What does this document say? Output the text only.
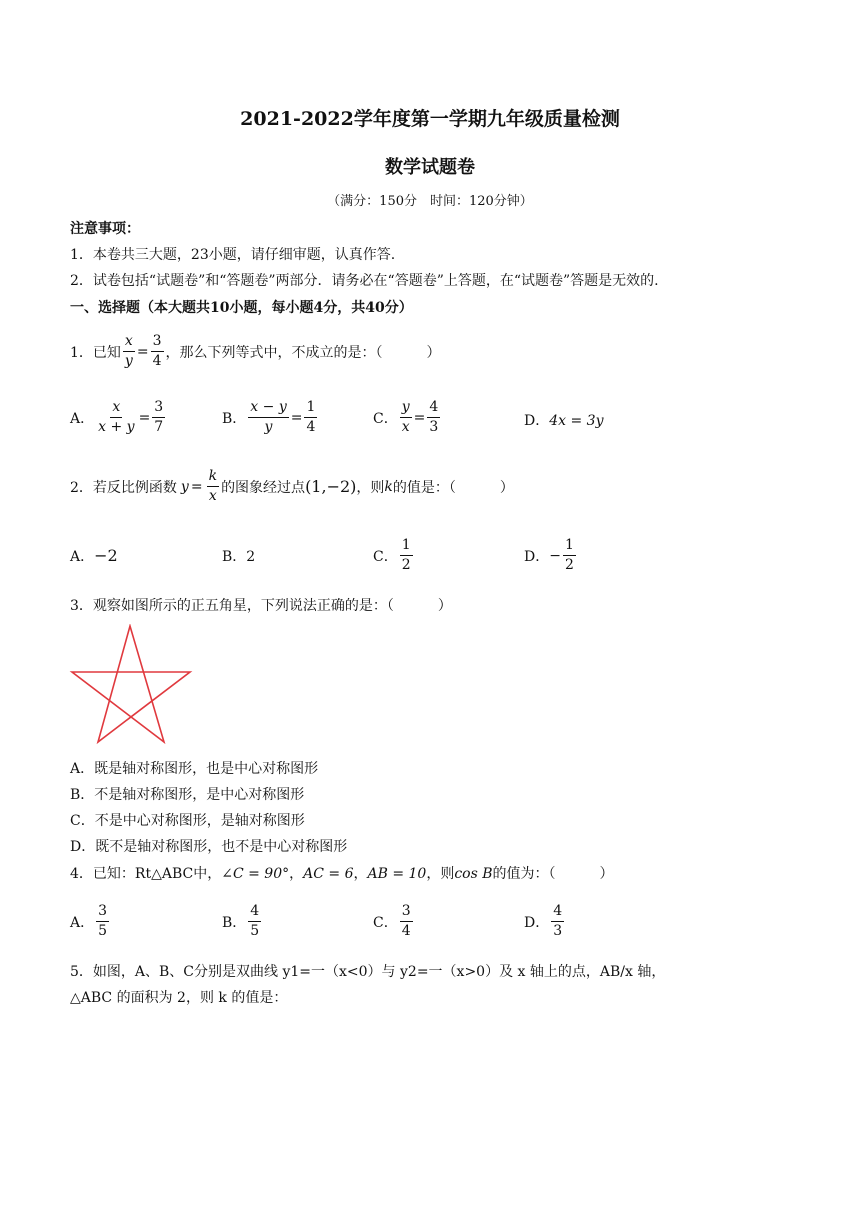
2021-2022学年度第一学期九年级质量检测
数学试题卷
（满分：150分　时间：120分钟）
注意事项：
1．本卷共三大题，23小题，请仔细审题，认真作答.
2．试卷包括“试题卷”和“答题卷”两部分．请务必在“答题卷”上答题，在“试题卷”答题是无效的.
一、选择题（本大题共10小题，每小题4分，共40分）
1．已知 $\frac{x}{y} = \frac{3}{4}$ ，那么下列等式中，不成立的是：（	）
A． $\frac{x}{x + y} = \frac{3}{7}$	B． $\frac{x - y}{y} = \frac{1}{4}$	C． $\frac{y}{x} = \frac{4}{3}$	D．4x = 3y
2．若反比例函数 $y = \frac{k}{x}$ 的图象经过点 (1,−2) ，则 k 的值是：（	）
A．−2	B．2	C． $\frac{1}{2}$	D． − $\frac{1}{2}$
3．观察如图所示的正五角星，下列说法正确的是：（	）
A．既是轴对称图形，也是中心对称图形
B．不是轴对称图形，是中心对称图形
C．不是中心对称图形，是轴对称图形
D．既不是轴对称图形，也不是中心对称图形
4．已知：Rt△ABC中，∠C = 90°，AC = 6，AB = 10，则cos B的值为：（	）
A． $\frac{3}{5}$	B． $\frac{4}{5}$	C． $\frac{3}{4}$	D． $\frac{4}{3}$
5．如图，A、B、C分别是双曲线 y1=一（x<0）与 y2=一（x>0）及 x 轴上的点，AB/x 轴，
△ABC 的面积为 2，则 k 的值是：
